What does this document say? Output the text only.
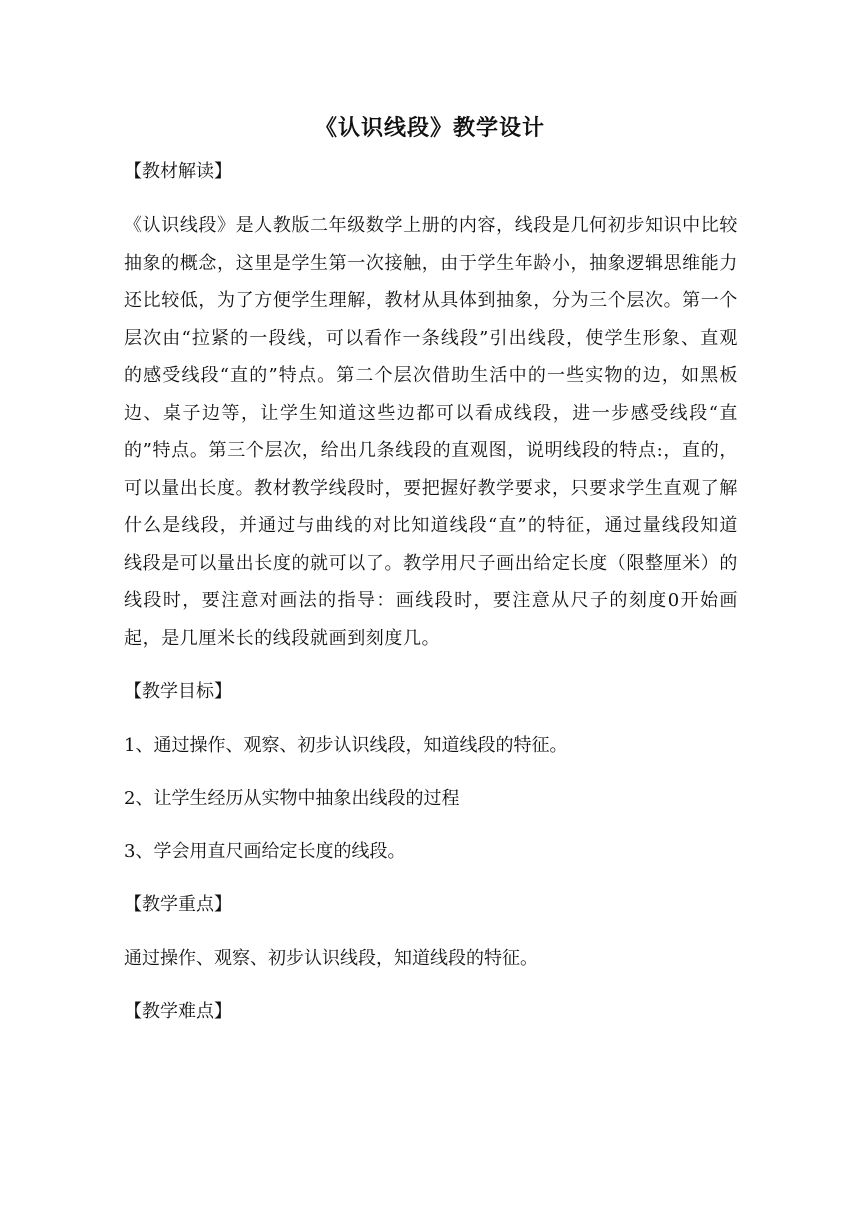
《认识线段》教学设计
【教材解读】
《认识线段》是人教版二年级数学上册的内容，线段是几何初步知识中比较抽象的概念，这里是学生第一次接触，由于学生年龄小，抽象逻辑思维能力还比较低，为了方便学生理解，教材从具体到抽象，分为三个层次。第一个层次由“拉紧的一段线，可以看作一条线段”引出线段，使学生形象、直观的感受线段“直的”特点。第二个层次借助生活中的一些实物的边，如黑板边、桌子边等，让学生知道这些边都可以看成线段，进一步感受线段“直的”特点。第三个层次，给出几条线段的直观图，说明线段的特点:，直的，可以量出长度。教材教学线段时，要把握好教学要求，只要求学生直观了解什么是线段，并通过与曲线的对比知道线段“直”的特征，通过量线段知道线段是可以量出长度的就可以了。教学用尺子画出给定长度（限整厘米）的线段时，要注意对画法的指导：画线段时，要注意从尺子的刻度0开始画起，是几厘米长的线段就画到刻度几。
【教学目标】
1、通过操作、观察、初步认识线段，知道线段的特征。
2、让学生经历从实物中抽象出线段的过程
3、学会用直尺画给定长度的线段。
【教学重点】
通过操作、观察、初步认识线段，知道线段的特征。
【教学难点】
